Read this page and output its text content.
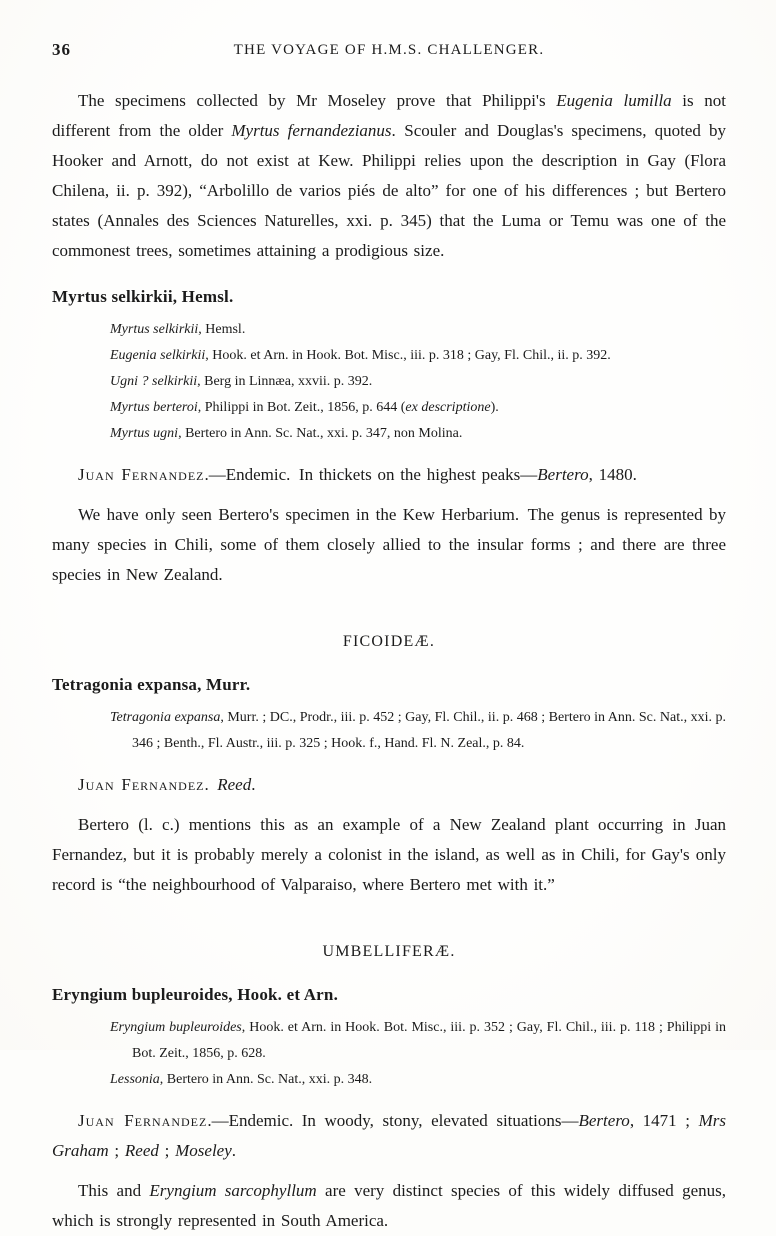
36	THE VOYAGE OF H.M.S. CHALLENGER.

The specimens collected by Mr Moseley prove that Philippi's Eugenia lumilla is not different from the older Myrtus fernandezianus. Scouler and Douglas's specimens, quoted by Hooker and Arnott, do not exist at Kew. Philippi relies upon the description in Gay (Flora Chilena, ii. p. 392), “Arbolillo de varios piés de alto” for one of his differences ; but Bertero states (Annales des Sciences Naturelles, xxi. p. 345) that the Luma or Temu was one of the commonest trees, sometimes attaining a prodigious size.

Myrtus selkirkii, Hemsl.
Myrtus selkirkii, Hemsl.
Eugenia selkirkii, Hook. et Arn. in Hook. Bot. Misc., iii. p. 318 ; Gay, Fl. Chil., ii. p. 392.
Ugni ? selkirkii, Berg in Linnæa, xxvii. p. 392.
Myrtus berteroi, Philippi in Bot. Zeit., 1856, p. 644 (ex descriptione).
Myrtus ugni, Bertero in Ann. Sc. Nat., xxi. p. 347, non Molina.

Juan Fernandez.—Endemic. In thickets on the highest peaks—Bertero, 1480.

We have only seen Bertero's specimen in the Kew Herbarium. The genus is represented by many species in Chili, some of them closely allied to the insular forms ; and there are three species in New Zealand.

FICOIDEÆ.
Tetragonia expansa, Murr.
Tetragonia expansa, Murr. ; DC., Prodr., iii. p. 452 ; Gay, Fl. Chil., ii. p. 468 ; Bertero in Ann. Sc. Nat., xxi. p. 346 ; Benth., Fl. Austr., iii. p. 325 ; Hook. f., Hand. Fl. N. Zeal., p. 84.

Juan Fernandez. Reed.

Bertero (l. c.) mentions this as an example of a New Zealand plant occurring in Juan Fernandez, but it is probably merely a colonist in the island, as well as in Chili, for Gay's only record is “the neighbourhood of Valparaiso, where Bertero met with it.”

UMBELLIFERÆ.
Eryngium bupleuroides, Hook. et Arn.
Eryngium bupleuroides, Hook. et Arn. in Hook. Bot. Misc., iii. p. 352 ; Gay, Fl. Chil., iii. p. 118 ; Philippi in Bot. Zeit., 1856, p. 628.
Lessonia, Bertero in Ann. Sc. Nat., xxi. p. 348.

Juan Fernandez.—Endemic. In woody, stony, elevated situations—Bertero, 1471 ; Mrs Graham ; Reed ; Moseley.

This and Eryngium sarcophyllum are very distinct species of this widely diffused genus, which is strongly represented in South America.
